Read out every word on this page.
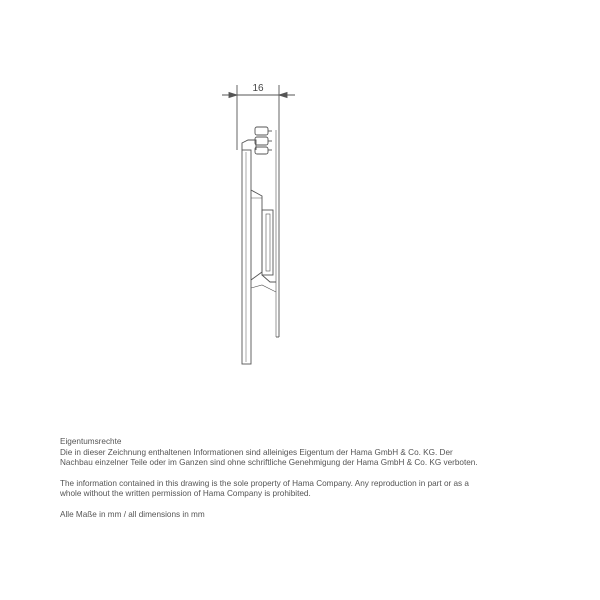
16

Eigentumsrechte

Die in dieser Zeichnung enthaltenen Informationen sind alleiniges Eigentum der Hama GmbH & Co. KG. Der

Nachbau einzelner Teile oder im Ganzen sind ohne schriftliche Genehmigung der Hama GmbH & Co. KG verboten.

The information contained in this drawing is the sole property of Hama Company. Any reproduction in part or as a

whole without the written permission of Hama Company is prohibited.

Alle Maße in mm / all dimensions in mm
